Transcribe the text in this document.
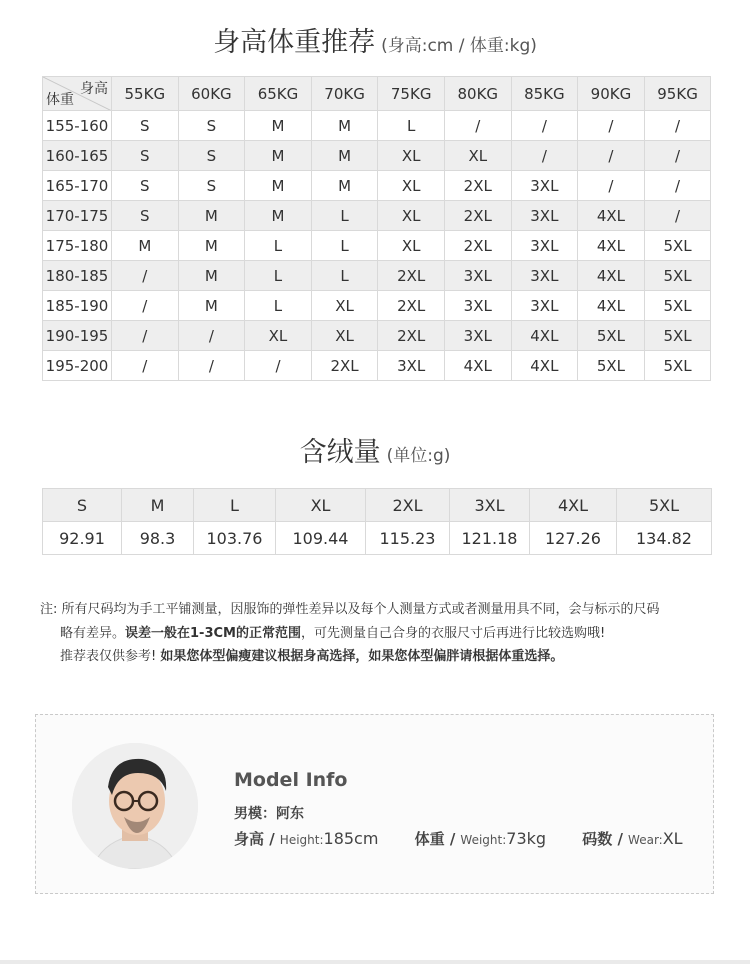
身高体重推荐 (身高:cm / 体重:kg)
身高
体重	55KG	60KG	65KG	70KG	75KG	80KG	85KG	90KG	95KG
155-160	S	S	M	M	L	/	/	/	/
160-165	S	S	M	M	XL	XL	/	/	/
165-170	S	S	M	M	XL	2XL	3XL	/	/
170-175	S	M	M	L	XL	2XL	3XL	4XL	/
175-180	M	M	L	L	XL	2XL	3XL	4XL	5XL
180-185	/	M	L	L	2XL	3XL	3XL	4XL	5XL
185-190	/	M	L	XL	2XL	3XL	3XL	4XL	5XL
190-195	/	/	XL	XL	2XL	3XL	4XL	5XL	5XL
195-200	/	/	/	2XL	3XL	4XL	4XL	5XL	5XL
含绒量 (单位:g)
S	M	L	XL	2XL	3XL	4XL	5XL
92.91	98.3	103.76	109.44	115.23	121.18	127.26	134.82
注: 所有尺码均为手工平铺测量，因服饰的弹性差异以及每个人测量方式或者测量用具不同，会与标示的尺码
略有差异。误差一般在1-3CM的正常范围，可先测量自己合身的衣服尺寸后再进行比较选购哦!
推荐表仅供参考! 如果您体型偏瘦建议根据身高选择，如果您体型偏胖请根据体重选择。
Model Info
男模：阿东
身高 / Height:185cm 体重 / Weight:73kg 码数 / Wear:XL
